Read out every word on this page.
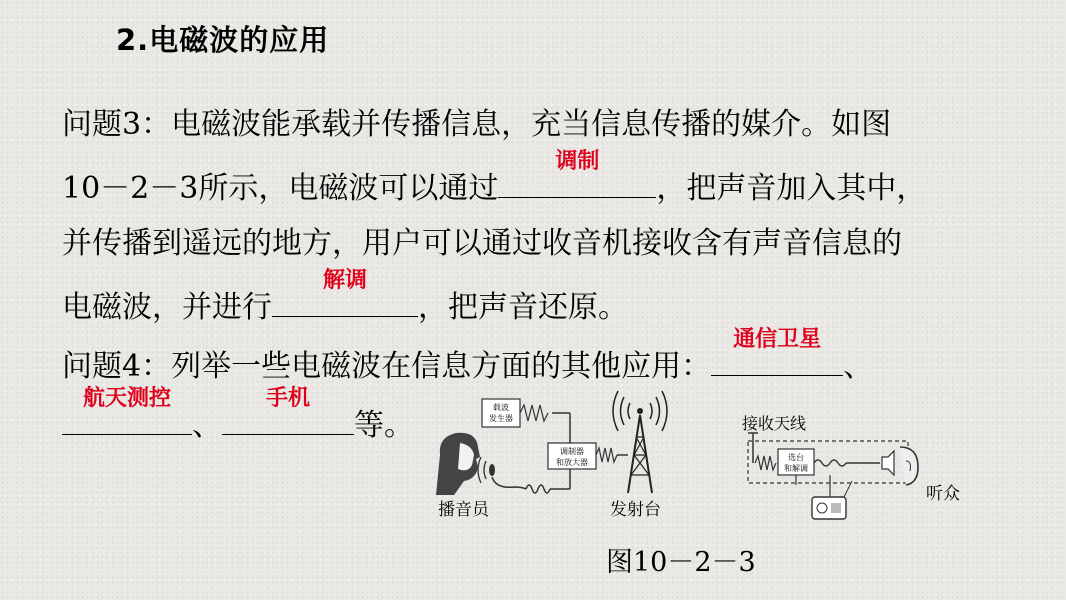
2.电磁波的应用
问题3：电磁波能承载并传播信息，充当信息传播的媒介。如图
10－2－3所示，电磁波可以通过
调制
，把声音加入其中，
并传播到遥远的地方，用户可以通过收音机接收含有声音信息的
电磁波，并进行
解调
，把声音还原。
问题4：列举一些电磁波在信息方面的其他应用：
通信卫星
、
航天测控
、
手机
等。
载波
发生器
调制器
和放大器
播音员	发射台
接收天线
选台
和解调
听众
图10－2－3
